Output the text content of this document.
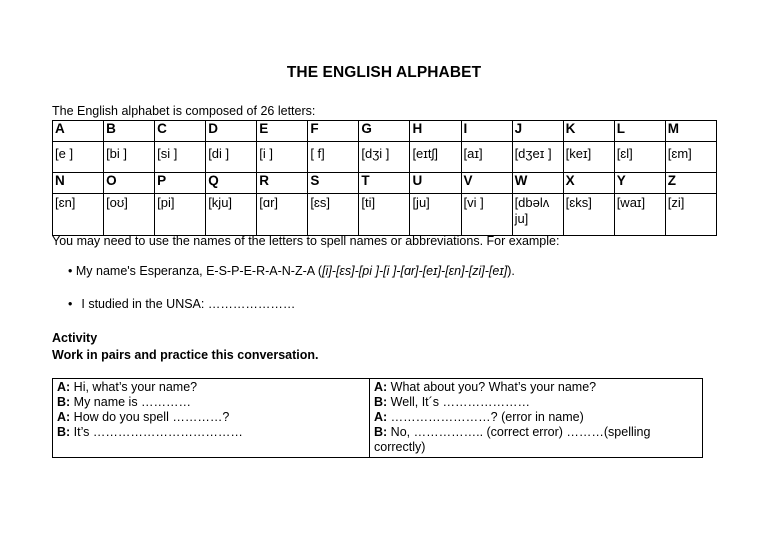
THE ENGLISH ALPHABET
The English alphabet is composed of 26 letters:
A	B	C	D	E	F	G	H	I	J	K	L	M
[e ]	[bi ]	[si ]	[di ]	[i ]	[ f]	[dʒi ]	[eɪtʃ]	[aɪ]	[dʒeɪ ]	[keɪ]	[ɛl]	[ɛm]
N	O	P	Q	R	S	T	U	V	W	X	Y	Z
[ɛn]	[oʊ]	[pi]	[kju]	[ɑr]	[ɛs]	[ti]	[ju]	[vi ]	[dbəlʌ ju]	[ɛks]	[waɪ]	[zi]
You may need to use the names of the letters to spell names or abbreviations. For example:
• My name's Esperanza, E-S-P-E-R-A-N-Z-A ([i]-[ɛs]-[pi ]-[i ]-[ɑr]-[eɪ]-[ɛn]-[zi]-[eɪ]).
• I studied in the UNSA: …………………
Activity
Work in pairs and practice this conversation.
A: Hi, what’s your name?
B: My name is …………
A: How do you spell …………?
B: It’s ………………………………

A: What about you? What’s your name?
B: Well, It´s …………………
A: ……………………? (error in name)
B: No, …………….. (correct error) ………(spelling correctly)
